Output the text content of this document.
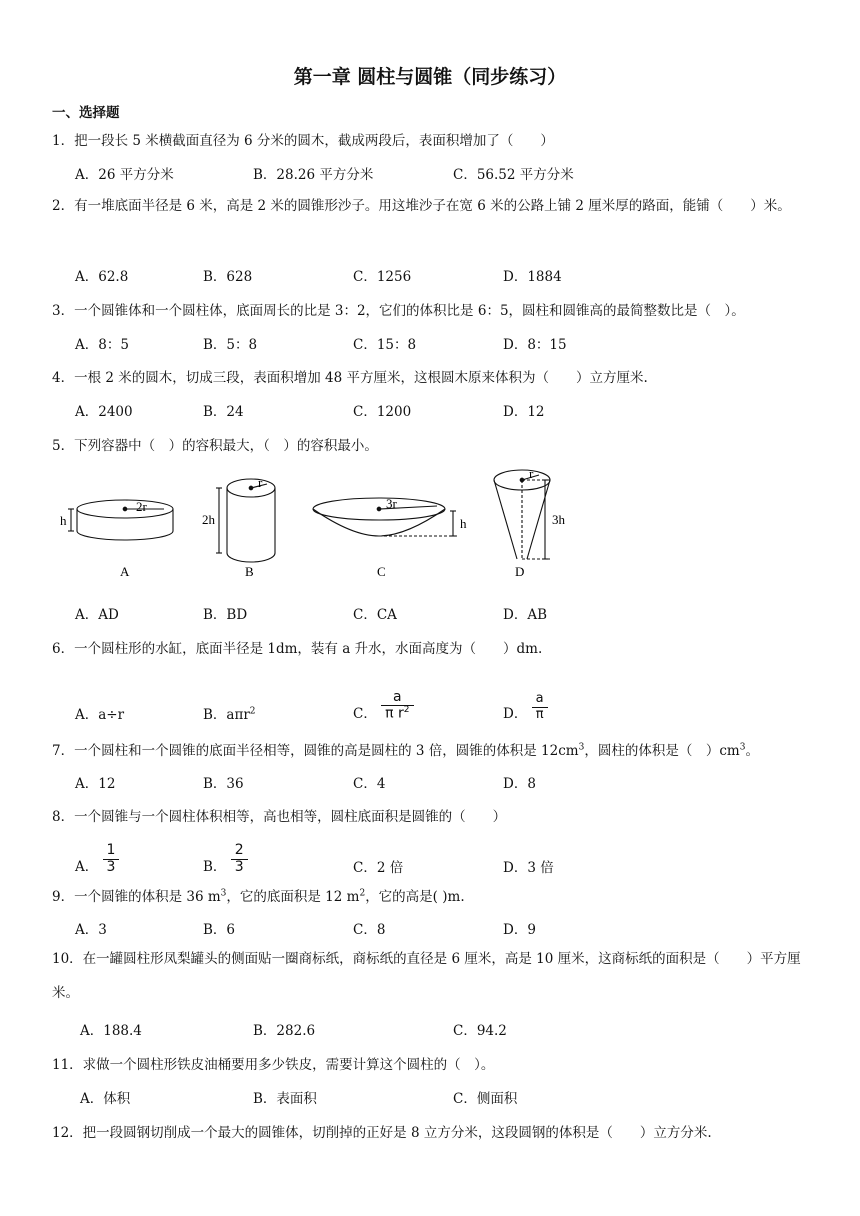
第一章 圆柱与圆锥（同步练习）
一、选择题
1．把一段长 5 米横截面直径为 6 分米的圆木，截成两段后，表面积增加了（　　）
A．26 平方分米	B．28.26 平方分米	C．56.52 平方分米
2．有一堆底面半径是 6 米，高是 2 米的圆锥形沙子。用这堆沙子在宽 6 米的公路上铺 2 厘米厚的路面，能铺（　　）米。
A．62.8	B．628	C．1256	D．1884
3．一个圆锥体和一个圆柱体，底面周长的比是 3：2，它们的体积比是 6：5，圆柱和圆锥高的最简整数比是（　）。
A．8：5	B．5：8	C．15：8	D．8：15
4．一根 2 米的圆木，切成三段，表面积增加 48 平方厘米，这根圆木原来体积为（　　）立方厘米.
A．2400	B．24	C．1200	D．12
5．下列容器中（　）的容积最大，（　）的容积最小。
h
2r
A
2h
r
B
3r
h
C
r
3h
D
A．AD	B．BD	C．CA	D．AB
6．一个圆柱形的水缸，底面半径是 1dm，装有 a 升水，水面高度为（　　）dm.
A．a÷r	B．aπr$^2$	C． $\frac{a}{\pi r^2}$	D． $\frac{a}{\pi}$
7．一个圆柱和一个圆锥的底面半径相等，圆锥的高是圆柱的 3 倍，圆锥的体积是 $12cm^3$，圆柱的体积是（　）$cm^3$。
A．12	B．36	C．4	D．8
8．一个圆锥与一个圆柱体积相等，高也相等，圆柱底面积是圆锥的（　　）
A． $\frac{1}{3}$	B． $\frac{2}{3}$	C．2 倍	D．3 倍
9．一个圆锥的体积是 36 $m^3$，它的底面积是 12 $m^2$，它的高是( )m.
A．3	B．6	C．8	D．9
10．在一罐圆柱形凤梨罐头的侧面贴一圈商标纸，商标纸的直径是 6 厘米，高是 10 厘米，这商标纸的面积是（　　）平方厘米。
A．188.4	B．282.6	C．94.2
11．求做一个圆柱形铁皮油桶要用多少铁皮，需要计算这个圆柱的（　）。
A．体积	B．表面积	C．侧面积
12．把一段圆钢切削成一个最大的圆锥体，切削掉的正好是 8 立方分米，这段圆钢的体积是（　　）立方分米.
